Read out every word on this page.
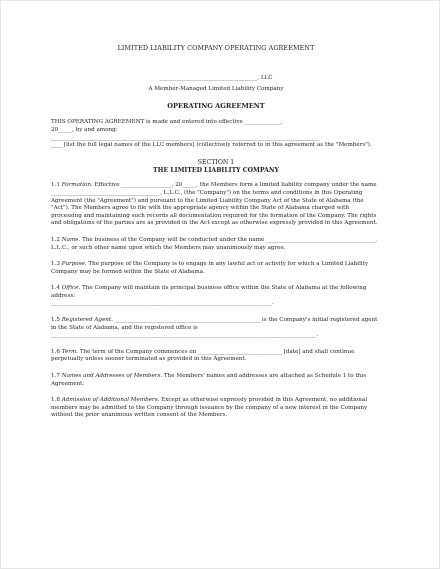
LIMITED LIABILITY COMPANY OPERATING AGREEMENT
___________________________________, LLC
A Member-Managed Limited Liability Company
OPERATING AGREEMENT

THIS OPERATING AGREEMENT is made and entered into effective _____________,

20_____, by and among:

________________________________________________________________________________________________

____ [list the full legal names of the LLC members] (collectively referred to in this agreement as the "Members").

SECTION 1
THE LIMITED LIABILITY COMPANY

1.1 Formation. Effective __________________, 20_____, the Members form a limited liability company under the name _______________________________________, L.L.C., (the "Company") on the terms and conditions in this Operating Agreement (the "Agreement") and pursuant to the Limited Liability Company Act of the State of Alabama (the "Act"). The Members agree to file with the appropriate agency within the State of Alabama charged with processing and maintaining such records all documentation required for the formation of the Company. The rights and obligations of the parties are as provided in the Act except as otherwise expressly provided in this Agreement.

1.2 Name. The business of the Company will be conducted under the name _______________________________________, L.L.C., or such other name upon which the Members may unanimously may agree.

1.3 Purpose. The purpose of the Company is to engage in any lawful act or activity for which a Limited Liability Company may be formed within the State of Alabama.

1.4 Office. The Company will maintain its principal business office within the State of Alabama at the following address:

_______________________________________________________________________________.

1.5 Registered Agent. ____________________________________________________ is the Company's initial registered agent in the State of Alabama, and the registered office is

_______________________________________________________________________________________________.

1.6 Term. The term of the Company commences on ______________________________ [date] and shall continue perpetually unless sooner terminated as provided in this Agreement.

1.7 Names and Addresses of Members. The Members' names and addresses are attached as Schedule 1 to this Agreement.

1.8 Admission of Additional Members. Except as otherwise expressly provided in this Agreement, no additional members may be admitted to the Company through issuance by the company of a new interest in the Company without the prior unanimous written consent of the Members.
